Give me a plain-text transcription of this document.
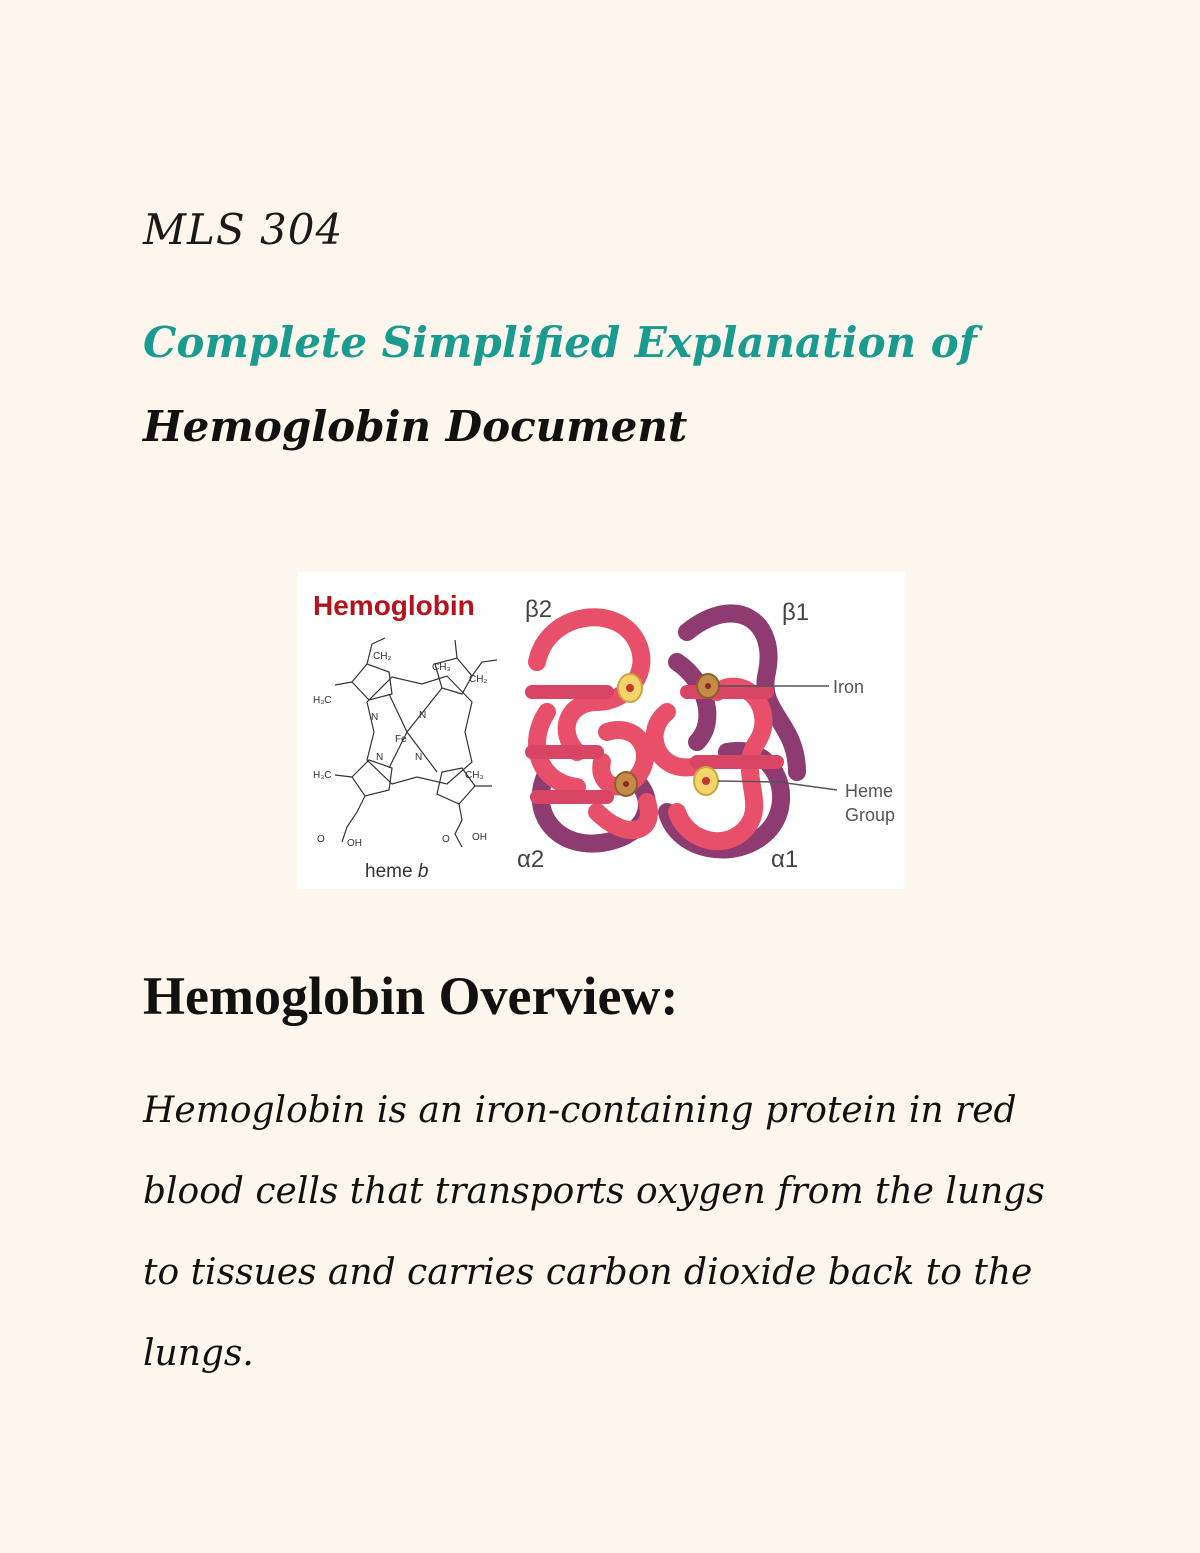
MLS 304
Complete Simplified Explanation of
Hemoglobin Document
Hemoglobin
CH₂
CH₃
CH₂
H₃C
H₃C	CH₃
N	N
N	N
Fe
O OH	O OH
heme b
β2	β1
α2	α1
Iron
Heme
Group
Hemoglobin Overview:

Hemoglobin is an iron-containing protein in red blood cells that transports oxygen from the lungs to tissues and carries carbon dioxide back to the lungs.
